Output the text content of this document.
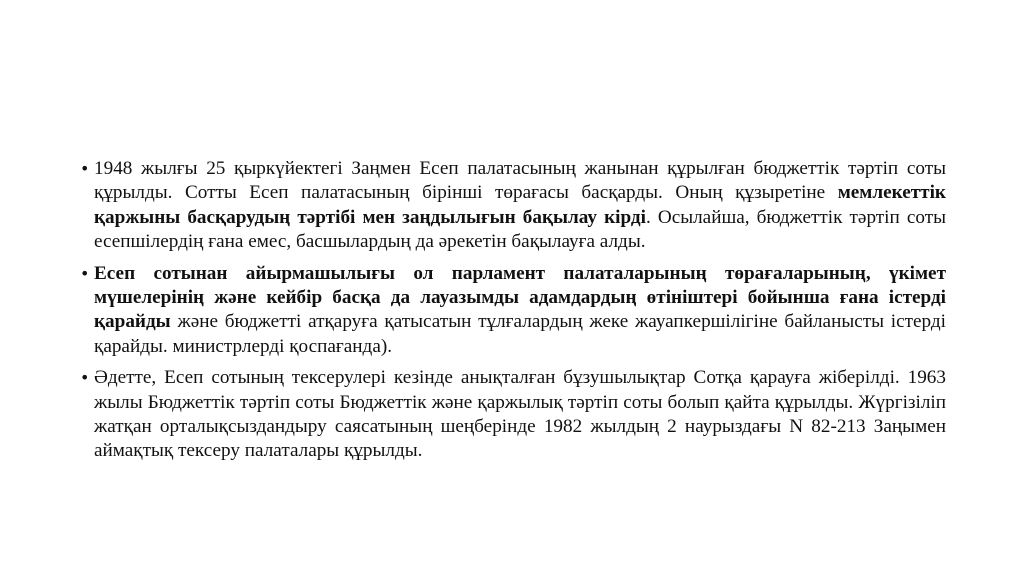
• 1948 жылғы 25 қыркүйектегі Заңмен Есеп палатасының жанынан құрылған бюджеттік тәртіп соты құрылды. Сотты Есеп палатасының бірінші төрағасы басқарды. Оның құзыретіне мемлекеттік қаржыны басқарудың тәртібі мен заңдылығын бақылау кірді. Осылайша, бюджеттік тәртіп соты есепшілердің ғана емес, басшылардың да әрекетін бақылауға алды.
• Есеп сотынан айырмашылығы ол парламент палаталарының төрағаларының, үкімет мүшелерінің және кейбір басқа да лауазымды адамдардың өтініштері бойынша ғана істерді қарайды және бюджетті атқаруға қатысатын тұлғалардың жеке жауапкершілігіне байланысты істерді қарайды. министрлерді қоспағанда).
• Әдетте, Есеп сотының тексерулері кезінде анықталған бұзушылықтар Сотқа қарауға жіберілді. 1963 жылы Бюджеттік тәртіп соты Бюджеттік және қаржылық тәртіп соты болып қайта құрылды. Жүргізіліп жатқан орталықсыздандыру саясатының шеңберінде 1982 жылдың 2 наурыздағы N 82-213 Заңымен аймақтық тексеру палаталары құрылды.
